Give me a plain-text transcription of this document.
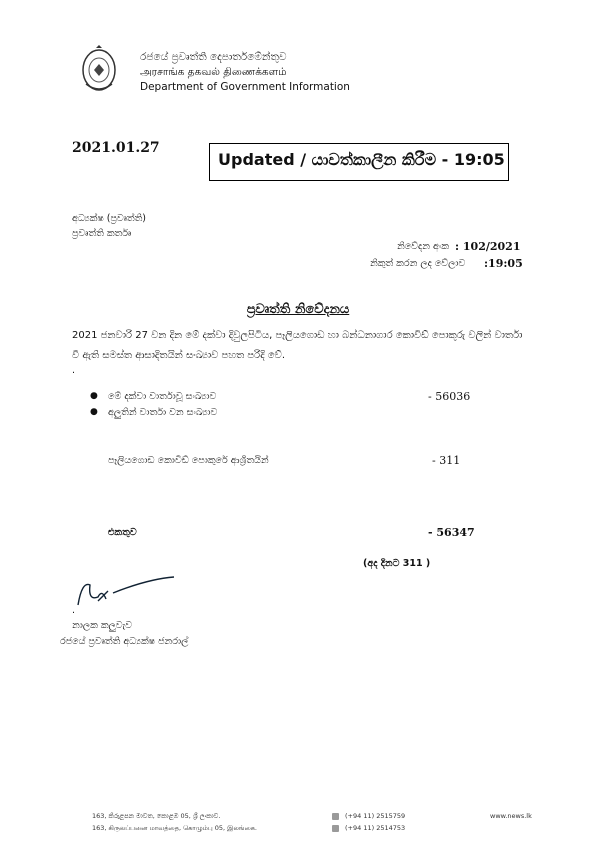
රජයේ ප්‍රවෘත්ති දෙපාර්තමේන්තුව
அரசாங்க தகவல் திணைக்களம்
Department of Government Information
2021.01.27
Updated / යාවත්කාලීන කිරීම - 19:05
අධ්‍යක්ෂ (ප්‍රවෘත්ති)
ප්‍රවෘත්ති කර්තෘ
නිවේදන අංක : 102/2021
නිකුත් කරන ලද වේලාව :19:05
ප්‍රවෘත්ති නිවේදනය
2021 ජනවාරි 27 වන දින මේ දක්වා දිවුලපිටිය, පෑලියගොඩ හා බන්ධනාගාර කොවිඩ් පොකුරු වලින් වාර්තා වී ඇති සමස්ත ආසාදිතයින් සංඛ්‍යාව පහත පරිදි වේ.
.
● මේ දක්වා වාර්තාවූ සංඛ්‍යාව	- 56036
● අලුතින් වාර්තා වන සංඛ්‍යාව
පෑලියගොඩ කොවිඩ් පොකුරේ ආශ්‍රිතයින්	- 311
එකතුව	- 56347
(අද දිනට 311 )
.
නාලක කලුවැව
රජයේ ප්‍රවෘත්ති අධ්‍යක්ෂ ජනරාල්
163, කිරුළපන මාවත, කොළඹ 05, ශ්‍රී ලංකාව.
163, கிருலப்பனை மாவத்தை, கொழும்பு 05, இலங்கை.
(+94 11) 2515759
(+94 11) 2514753
www.news.lk
